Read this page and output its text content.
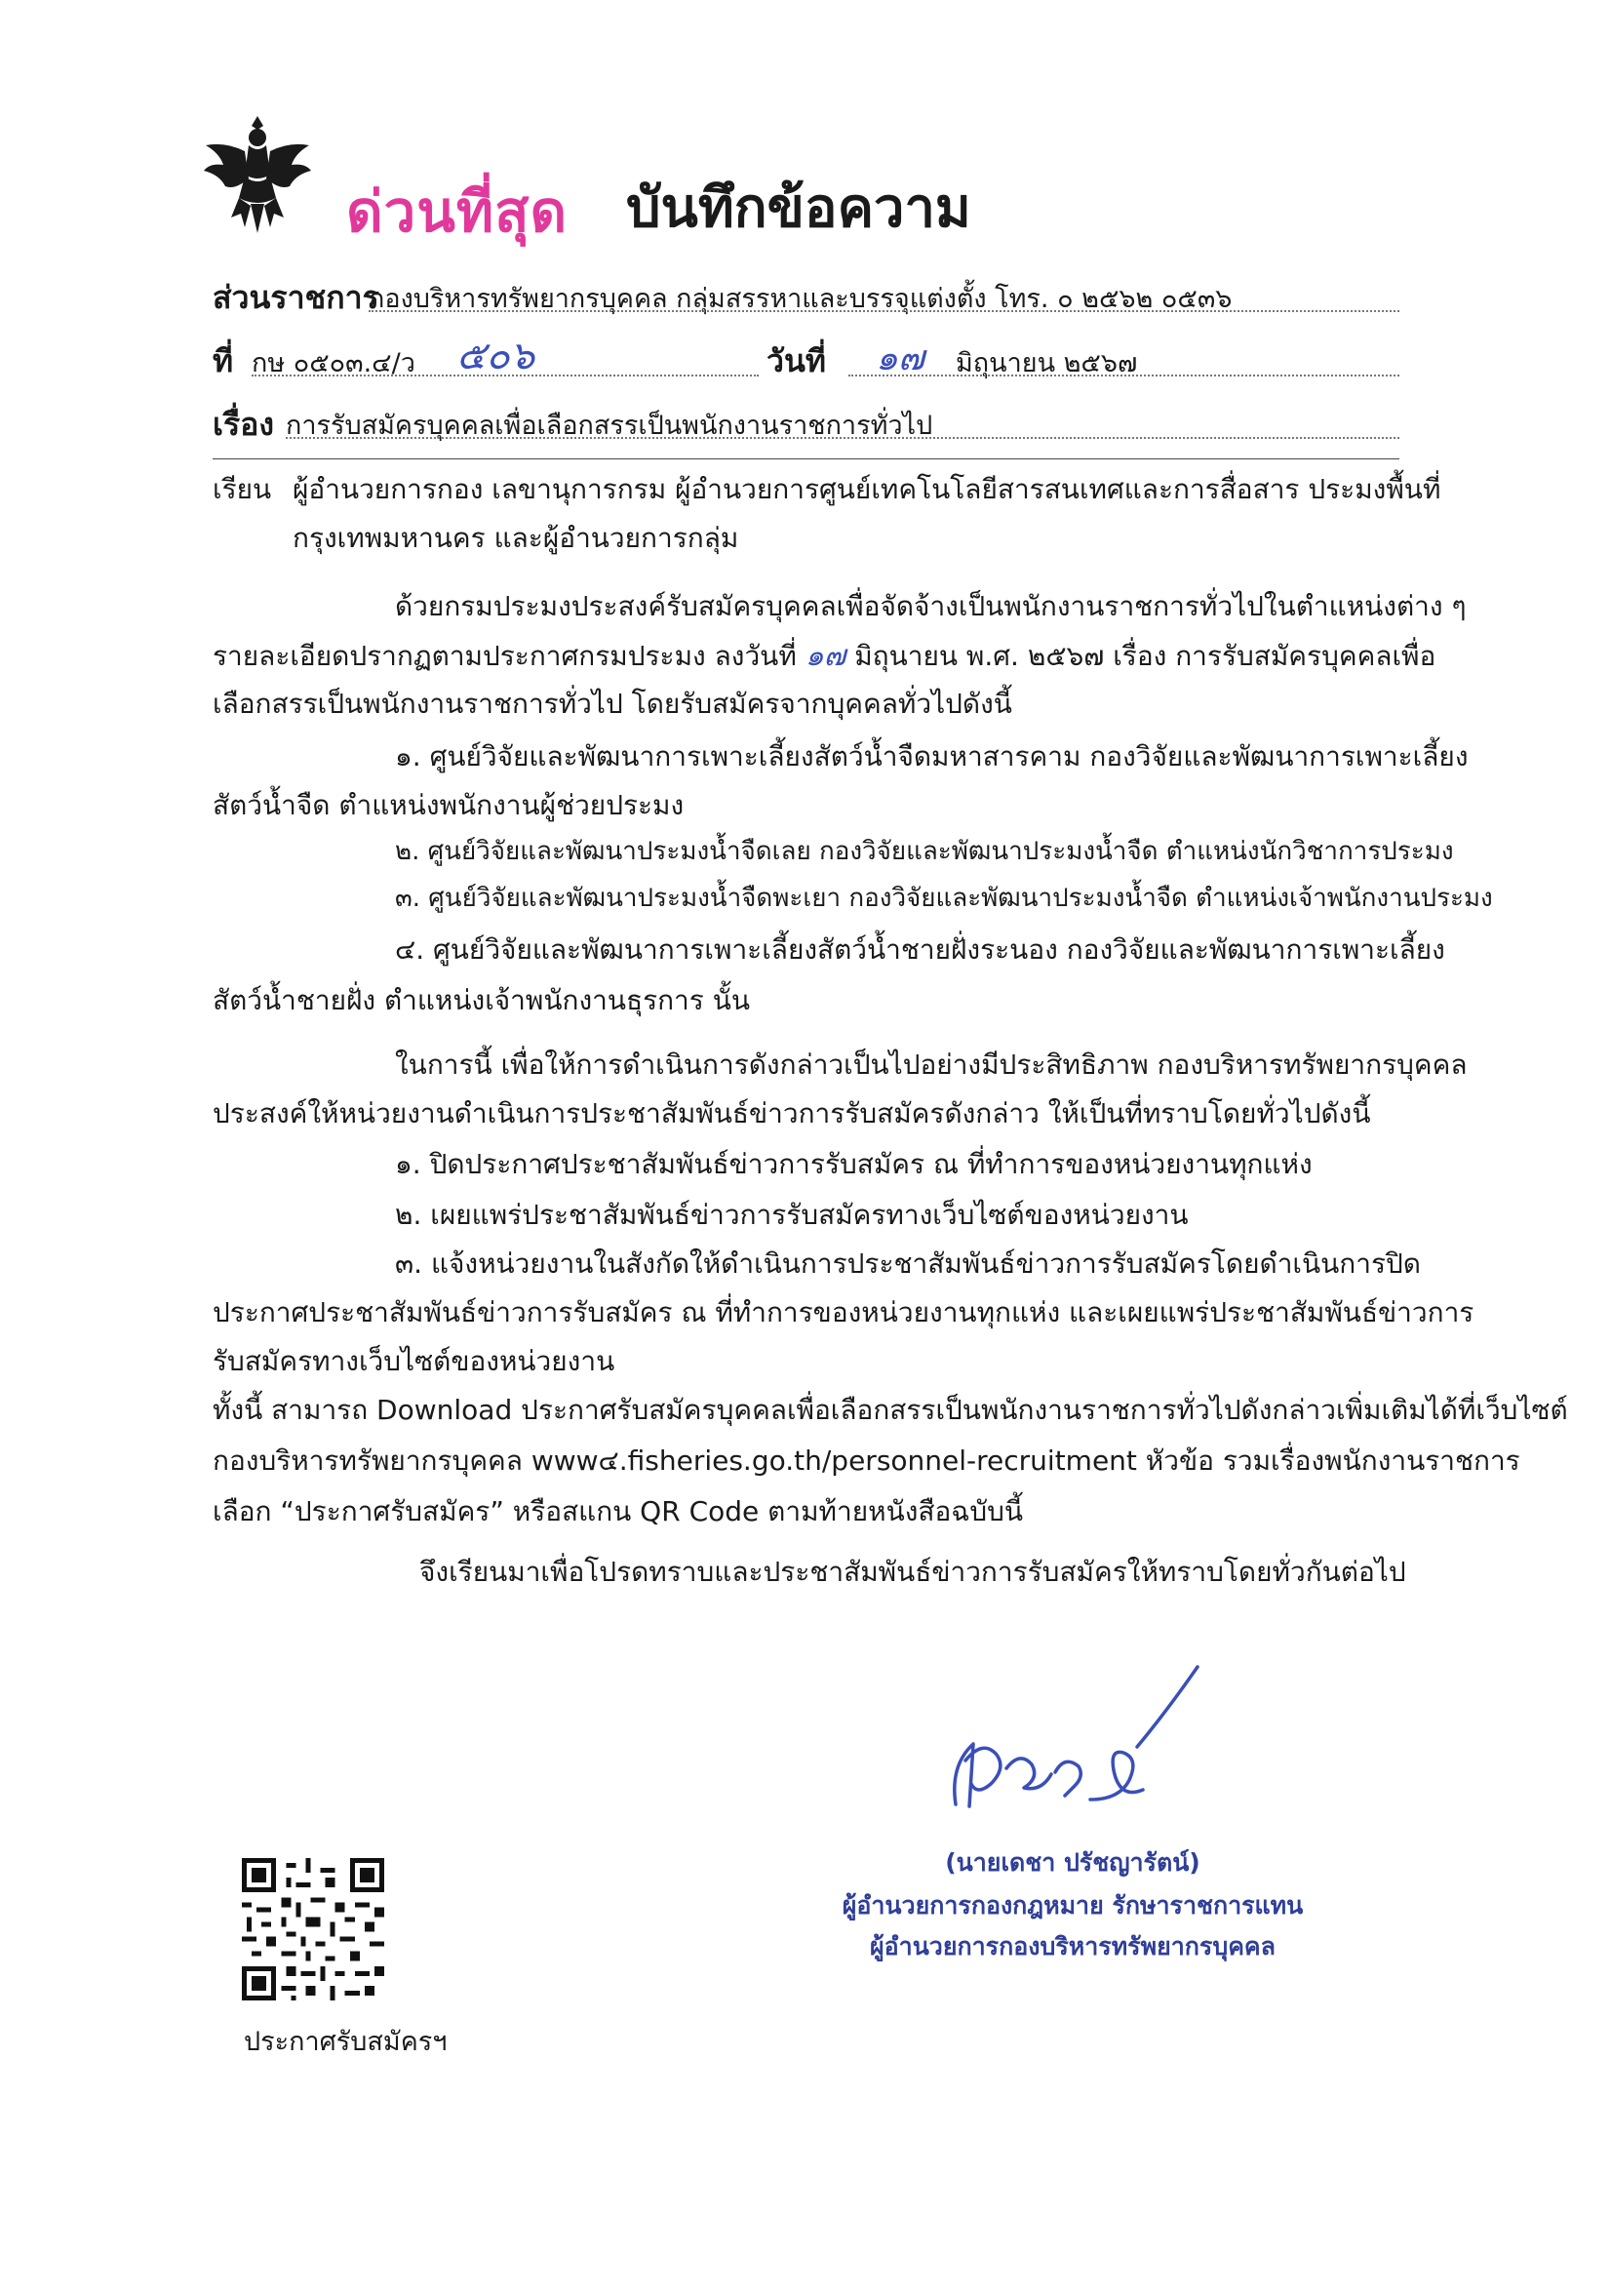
ด่วนที่สุด บันทึกข้อความ
ส่วนราชการ
กองบริหารทรัพยากรบุคคล กลุ่มสรรหาและบรรจุแต่งตั้ง โทร. ๐ ๒๕๖๒ ๐๕๓๖
ที่ กษ ๐๕๐๓.๔/ว ๕๐๖	วันที่ ๑๗ มิถุนายน ๒๕๖๗
เรื่อง การรับสมัครบุคคลเพื่อเลือกสรรเป็นพนักงานราชการทั่วไป
เรียน ผู้อำนวยการกอง เลขานุการกรม ผู้อำนวยการศูนย์เทคโนโลยีสารสนเทศและการสื่อสาร ประมงพื้นที่
กรุงเทพมหานคร และผู้อำนวยการกลุ่ม
ด้วยกรมประมงประสงค์รับสมัครบุคคลเพื่อจัดจ้างเป็นพนักงานราชการทั่วไปในตำแหน่งต่าง ๆ
รายละเอียดปรากฏตามประกาศกรมประมง ลงวันที่ ๑๗ มิถุนายน พ.ศ. ๒๕๖๗ เรื่อง การรับสมัครบุคคลเพื่อ
เลือกสรรเป็นพนักงานราชการทั่วไป โดยรับสมัครจากบุคคลทั่วไปดังนี้
๑. ศูนย์วิจัยและพัฒนาการเพาะเลี้ยงสัตว์น้ำจืดมหาสารคาม กองวิจัยและพัฒนาการเพาะเลี้ยง
สัตว์น้ำจืด ตำแหน่งพนักงานผู้ช่วยประมง
๒. ศูนย์วิจัยและพัฒนาประมงน้ำจืดเลย กองวิจัยและพัฒนาประมงน้ำจืด ตำแหน่งนักวิชาการประมง
๓. ศูนย์วิจัยและพัฒนาประมงน้ำจืดพะเยา กองวิจัยและพัฒนาประมงน้ำจืด ตำแหน่งเจ้าพนักงานประมง
๔. ศูนย์วิจัยและพัฒนาการเพาะเลี้ยงสัตว์น้ำชายฝั่งระนอง กองวิจัยและพัฒนาการเพาะเลี้ยง
สัตว์น้ำชายฝั่ง ตำแหน่งเจ้าพนักงานธุรการ นั้น
ในการนี้ เพื่อให้การดำเนินการดังกล่าวเป็นไปอย่างมีประสิทธิภาพ กองบริหารทรัพยากรบุคคล
ประสงค์ให้หน่วยงานดำเนินการประชาสัมพันธ์ข่าวการรับสมัครดังกล่าว ให้เป็นที่ทราบโดยทั่วไปดังนี้
๑. ปิดประกาศประชาสัมพันธ์ข่าวการรับสมัคร ณ ที่ทำการของหน่วยงานทุกแห่ง
๒. เผยแพร่ประชาสัมพันธ์ข่าวการรับสมัครทางเว็บไซต์ของหน่วยงาน
๓. แจ้งหน่วยงานในสังกัดให้ดำเนินการประชาสัมพันธ์ข่าวการรับสมัครโดยดำเนินการปิด
ประกาศประชาสัมพันธ์ข่าวการรับสมัคร ณ ที่ทำการของหน่วยงานทุกแห่ง และเผยแพร่ประชาสัมพันธ์ข่าวการ
รับสมัครทางเว็บไซต์ของหน่วยงาน
ทั้งนี้ สามารถ Download ประกาศรับสมัครบุคคลเพื่อเลือกสรรเป็นพนักงานราชการทั่วไปดังกล่าวเพิ่มเติมได้ที่เว็บไซต์
กองบริหารทรัพยากรบุคคล www๔.fisheries.go.th/personnel-recruitment หัวข้อ รวมเรื่องพนักงานราชการ
เลือก “ประกาศรับสมัคร” หรือสแกน QR Code ตามท้ายหนังสือฉบับนี้
จึงเรียนมาเพื่อโปรดทราบและประชาสัมพันธ์ข่าวการรับสมัครให้ทราบโดยทั่วกันต่อไป
(นายเดชา ปรัชญารัตน์)
ผู้อำนวยการกองกฎหมาย รักษาราชการแทน
ผู้อำนวยการกองบริหารทรัพยากรบุคคล
ประกาศรับสมัครฯ
